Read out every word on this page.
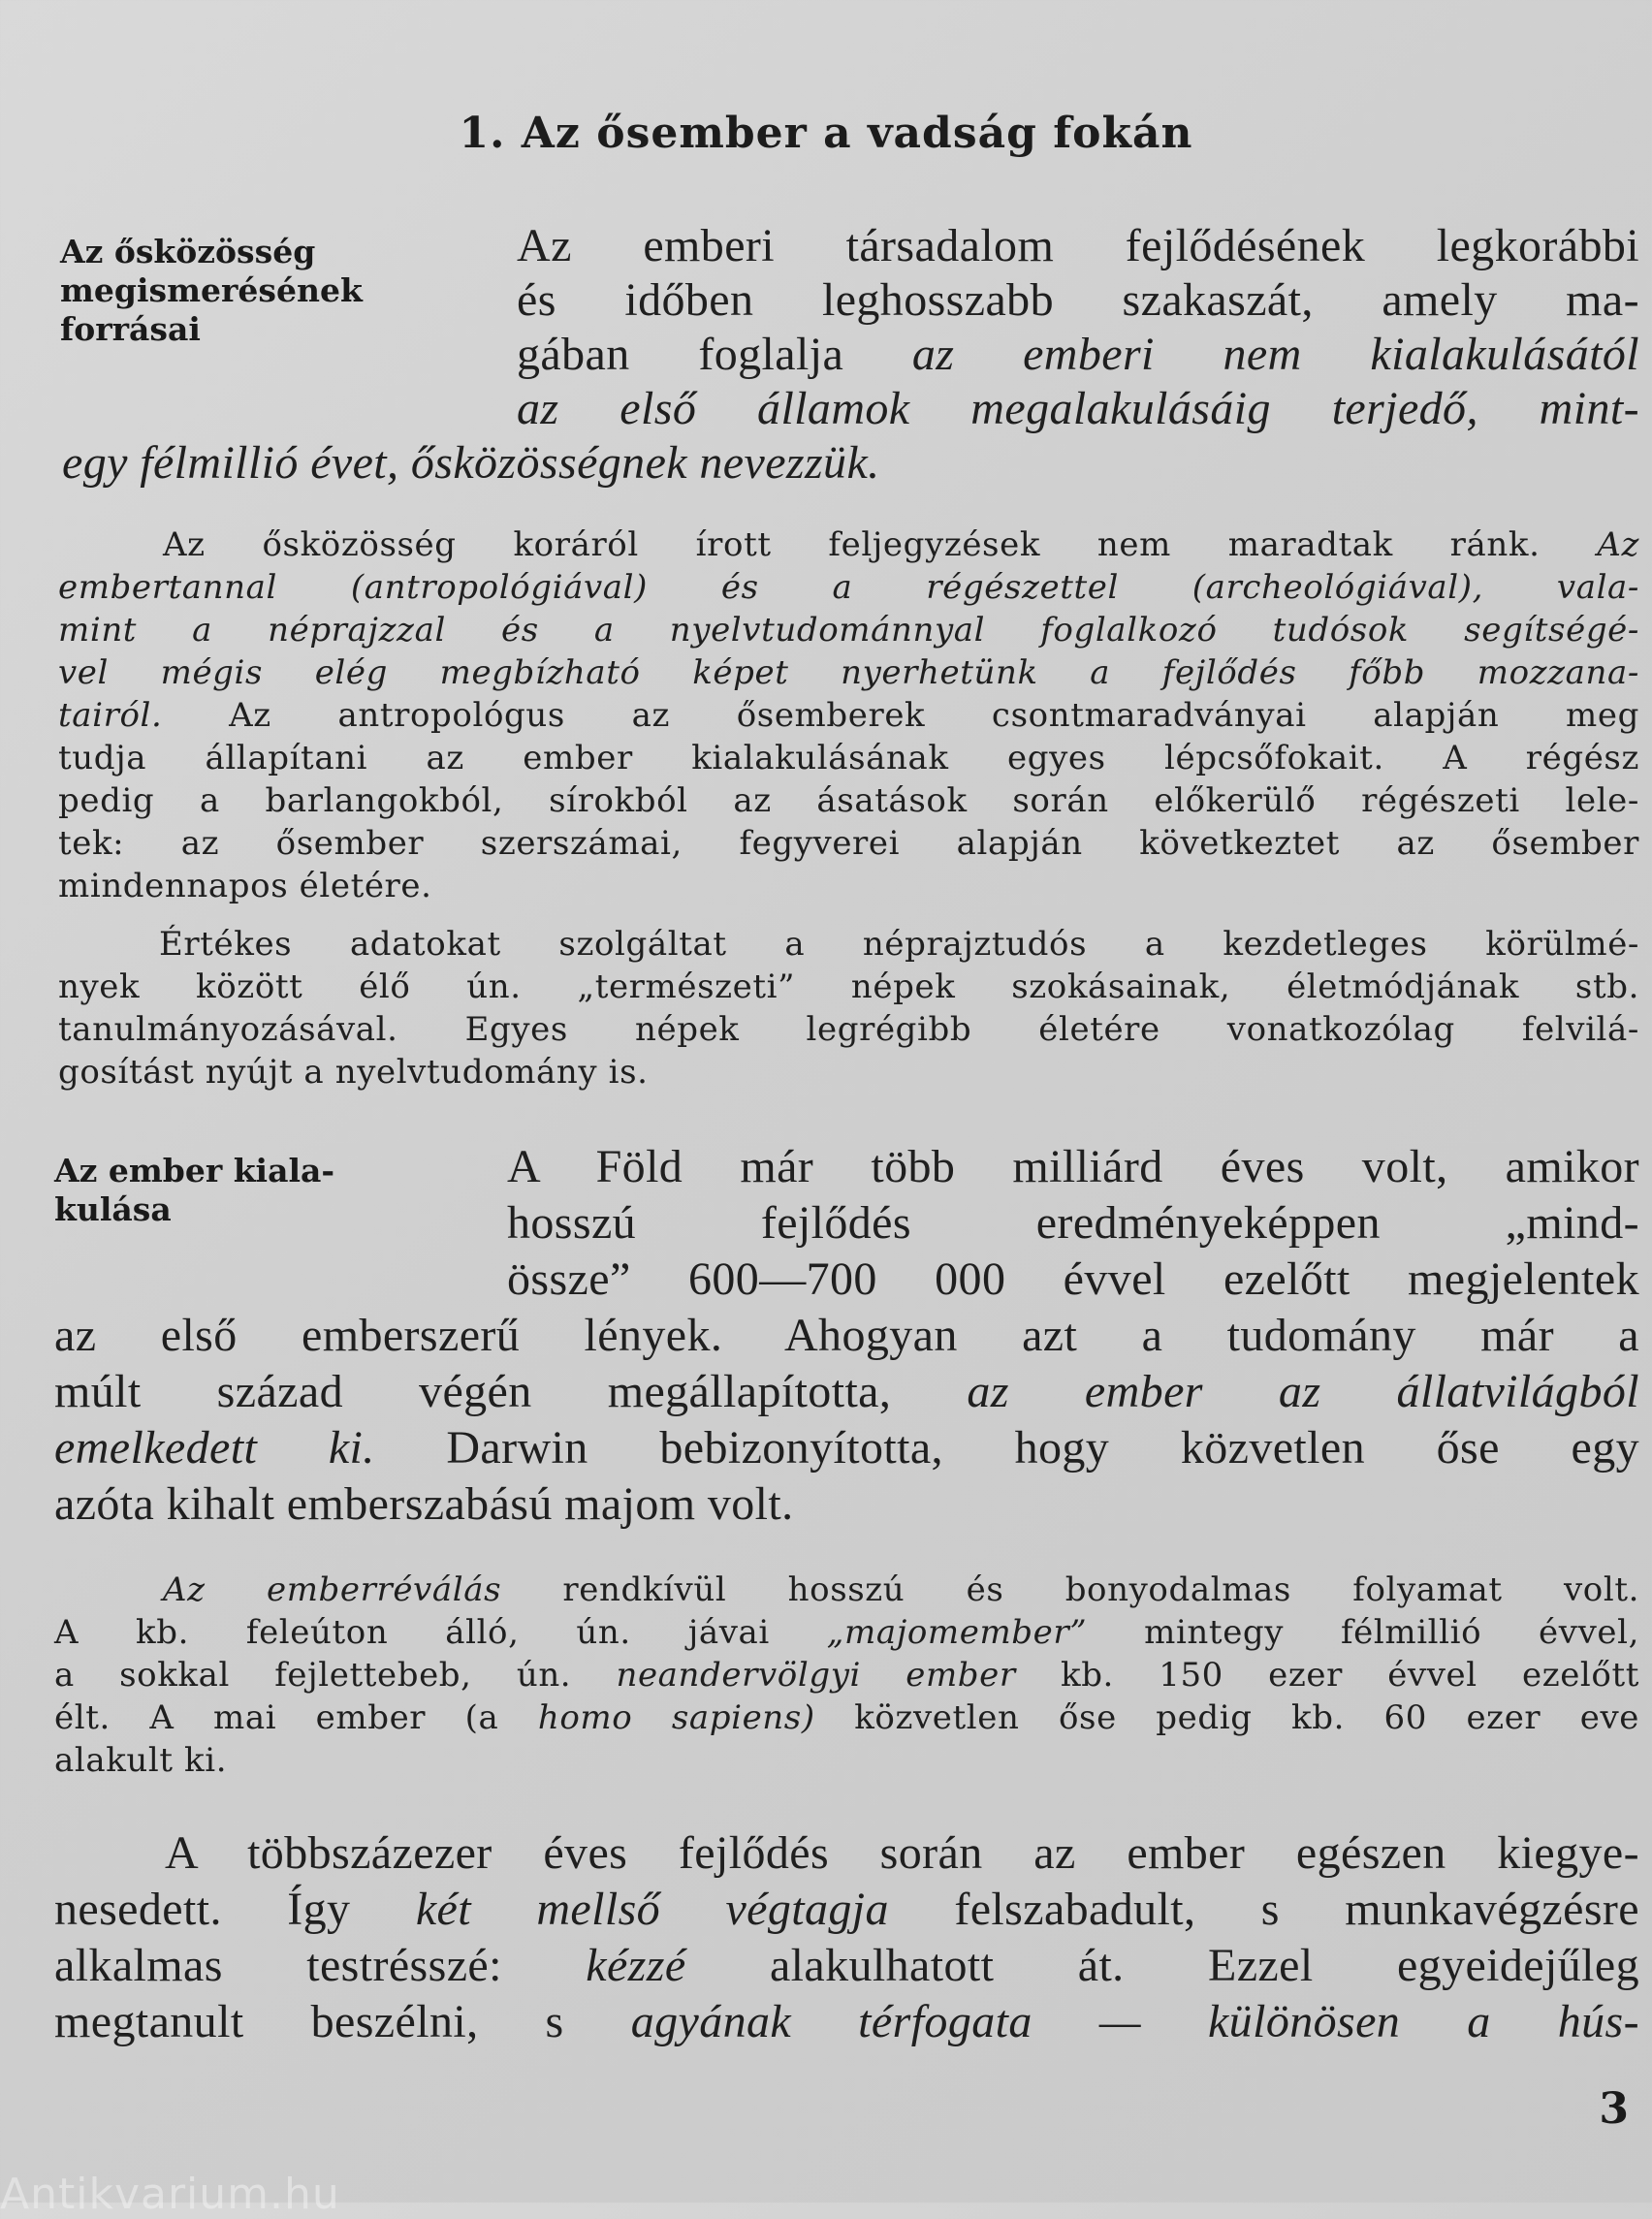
1. Az ősember a vadság fokán
Az ősközösség
megismerésének
forrásai

Az emberi társadalom fejlődésének legkorábbi

és időben leghosszabb szakaszát, amely ma-

gában foglalja az emberi nem kialakulásától

az első államok megalakulásáig terjedő, mint-

egy félmillió évet, ősközösségnek nevezzük.

Az ősközösség koráról írott feljegyzések nem maradtak ránk. Az

embertannal (antropológiával) és a régészettel (archeológiával), vala-

mint a néprajzzal és a nyelvtudománnyal foglalkozó tudósok segítségé-

vel mégis elég megbízható képet nyerhetünk a fejlődés főbb mozzana-

tairól. Az antropológus az ősemberek csontmaradványai alapján meg

tudja állapítani az ember kialakulásának egyes lépcsőfokait. A régész

pedig a barlangokból, sírokból az ásatások során előkerülő régészeti lele-

tek: az ősember szerszámai, fegyverei alapján következtet az ősember

mindennapos életére.

Értékes adatokat szolgáltat a néprajztudós a kezdetleges körülmé-

nyek között élő ún. „természeti” népek szokásainak, életmódjának stb.

tanulmányozásával. Egyes népek legrégibb életére vonatkozólag felvilá-

gosítást nyújt a nyelvtudomány is.

Az ember kiala-
kulása

A Föld már több milliárd éves volt, amikor

hosszú fejlődés eredményeképpen „mind-

össze” 600—700 000 évvel ezelőtt megjelentek

az első emberszerű lények. Ahogyan azt a tudomány már a

múlt század végén megállapította, az ember az állatvilágból

emelkedett ki. Darwin bebizonyította, hogy közvetlen őse egy

azóta kihalt emberszabású majom volt.

Az emberréválás rendkívül hosszú és bonyodalmas folyamat volt.

A kb. feleúton álló, ún. jávai „majomember” mintegy félmillió évvel,

a sokkal fejlettebeb, ún. neandervölgyi ember kb. 150 ezer évvel ezelőtt

élt. A mai ember (a homo sapiens) közvetlen őse pedig kb. 60 ezer eve

alakult ki.

A többszázezer éves fejlődés során az ember egészen kiegye-

nesedett. Így két mellső végtagja felszabadult, s munkavégzésre

alkalmas testrésszé: kézzé alakulhatott át. Ezzel egyeidejűleg

megtanult beszélni, s agyának térfogata — különösen a hús-

3
Antikvarium.hu
